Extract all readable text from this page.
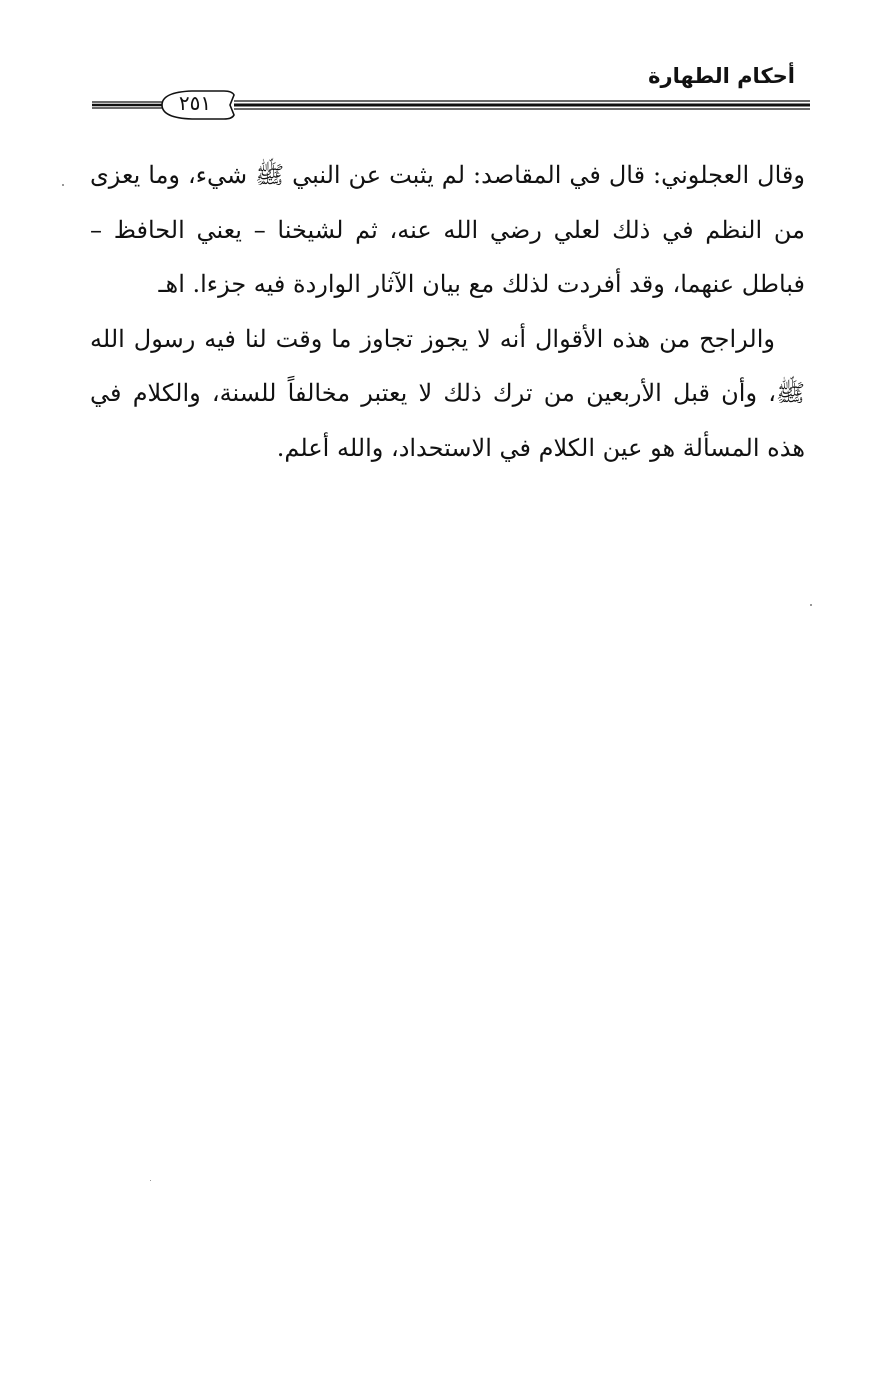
أحكام الطهارة
٢٥١

وقال العجلوني: قال في المقاصد: لم يثبت عن النبي ﷺ شيء، وما يعزى من النظم في ذلك لعلي رضي الله عنه، ثم لشيخنا – يعني الحافظ – فباطل عنهما، وقد أفردت لذلك مع بيان الآثار الواردة فيه جزءا. اهـ

والراجح من هذه الأقوال أنه لا يجوز تجاوز ما وقت لنا فيه رسول الله ﷺ، وأن قبل الأربعين من ترك ذلك لا يعتبر مخالفاً للسنة، والكلام في هذه المسألة هو عين الكلام في الاستحداد، والله أعلم.
